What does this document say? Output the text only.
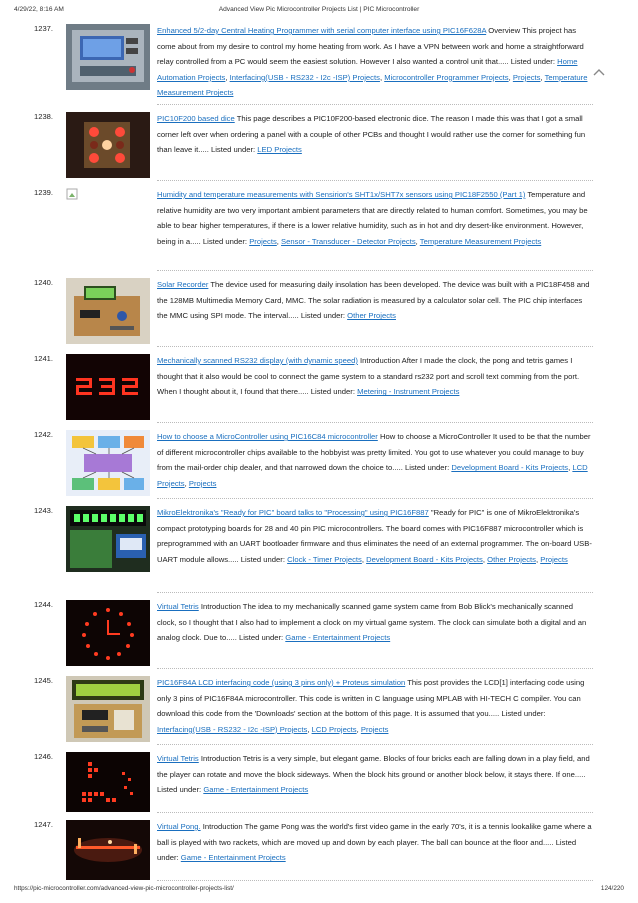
4/29/22, 8:16 AM	Advanced View Pic Microcontroller Projects List | PIC Microcontroller
1237.	Enhanced 5/2-day Central Heating Programmer with serial computer interface using PIC16F628A Overview This project has come about from my desire to control my home heating from work. As I have a VPN between work and home a straightforward relay controlled from a PC would seem the easiest solution. However I also wanted a control unit that..... Listed under: Home Automation Projects, Interfacing(USB - RS232 - I2c -ISP) Projects, Microcontroller Programmer Projects, Projects, Temperature Measurement Projects
1238.	PIC10F200 based dice This page describes a PIC10F200-based electronic dice. The reason I made this was that I got a small corner left over when ordering a panel with a couple of other PCBs and thought I would rather use the corner for something fun than leave it..... Listed under: LED Projects
1239.	Humidity and temperature measurements with Sensirion's SHT1x/SHT7x sensors using PIC18F2550 (Part 1) Temperature and relative humidity are two very important ambient parameters that are directly related to human comfort. Sometimes, you may be able to bear higher temperatures, if there is a lower relative humidity, such as in hot and dry desert-like environment. However, being in a..... Listed under: Projects, Sensor - Transducer - Detector Projects, Temperature Measurement Projects
1240.	Solar Recorder The device used for measuring daily insolation has been developed. The device was built with a PIC18F458 and the 128MB Multimedia Memory Card, MMC. The solar radiation is measured by a calculator solar cell. The PIC chip interfaces the MMC using SPI mode. The interval..... Listed under: Other Projects
1241.	Mechanically scanned RS232 display (with dynamic speed) Introduction After I made the clock, the pong and tetris games I thought that it also would be cool to connect the game system to a standard rs232 port and scroll text comming from the port. When I thought about it, I found that there..... Listed under: Metering - Instrument Projects
1242.	How to choose a MicroController using PIC16C84 microcontroller How to choose a MicroController It used to be that the number of different microcontroller chips available to the hobbyist was pretty limited. You got to use whatever you could manage to buy from the mail-order chip dealer, and that narrowed down the choice to..... Listed under: Development Board - Kits Projects, LCD Projects, Projects
1243.	MikroElektronika's "Ready for PIC" board talks to "Processing" using PIC16F887 "Ready for PIC" is one of MikroElektronika's compact prototyping boards for 28 and 40 pin PIC microcontrollers. The board comes with PIC16F887 microcontroller which is preprogrammed with an UART bootloader firmware and thus eliminates the need of an external programmer. The on-board USB-UART module allows..... Listed under: Clock - Timer Projects, Development Board - Kits Projects, Other Projects, Projects
1244.	Virtual Tetris Introduction The idea to my mechanically scanned game system came from Bob Blick's mechanically scanned clock, so I thought that I also had to implement a clock on my virtual game system. The clock can simulate both a digital and an analog clock. Due to..... Listed under: Game - Entertainment Projects
1245.	PIC16F84A LCD interfacing code (using 3 pins only) + Proteus simulation This post provides the LCD[1] interfacing code using only 3 pins of PIC16F84A microcontroller. This code is written in C language using MPLAB with HI-TECH C compiler. You can download this code from the 'Downloads' section at the bottom of this page. It is assumed that you..... Listed under: Interfacing(USB - RS232 - I2c -ISP) Projects, LCD Projects, Projects
1246.	Virtual Tetris Introduction Tetris is a very simple, but elegant game. Blocks of four bricks each are falling down in a play field, and the player can rotate and move the block sideways. When the block hits ground or another block below, it stays there. If one..... Listed under: Game - Entertainment Projects
1247.	Virtual Pong. Introduction The game Pong was the world's first video game in the early 70's, it is a tennis lookalike game where a ball is played with two rackets, which are moved up and down by each player. The ball can bounce at the floor and..... Listed under: Game - Entertainment Projects
https://pic-microcontroller.com/advanced-view-pic-microcontroller-projects-list/	124/220
